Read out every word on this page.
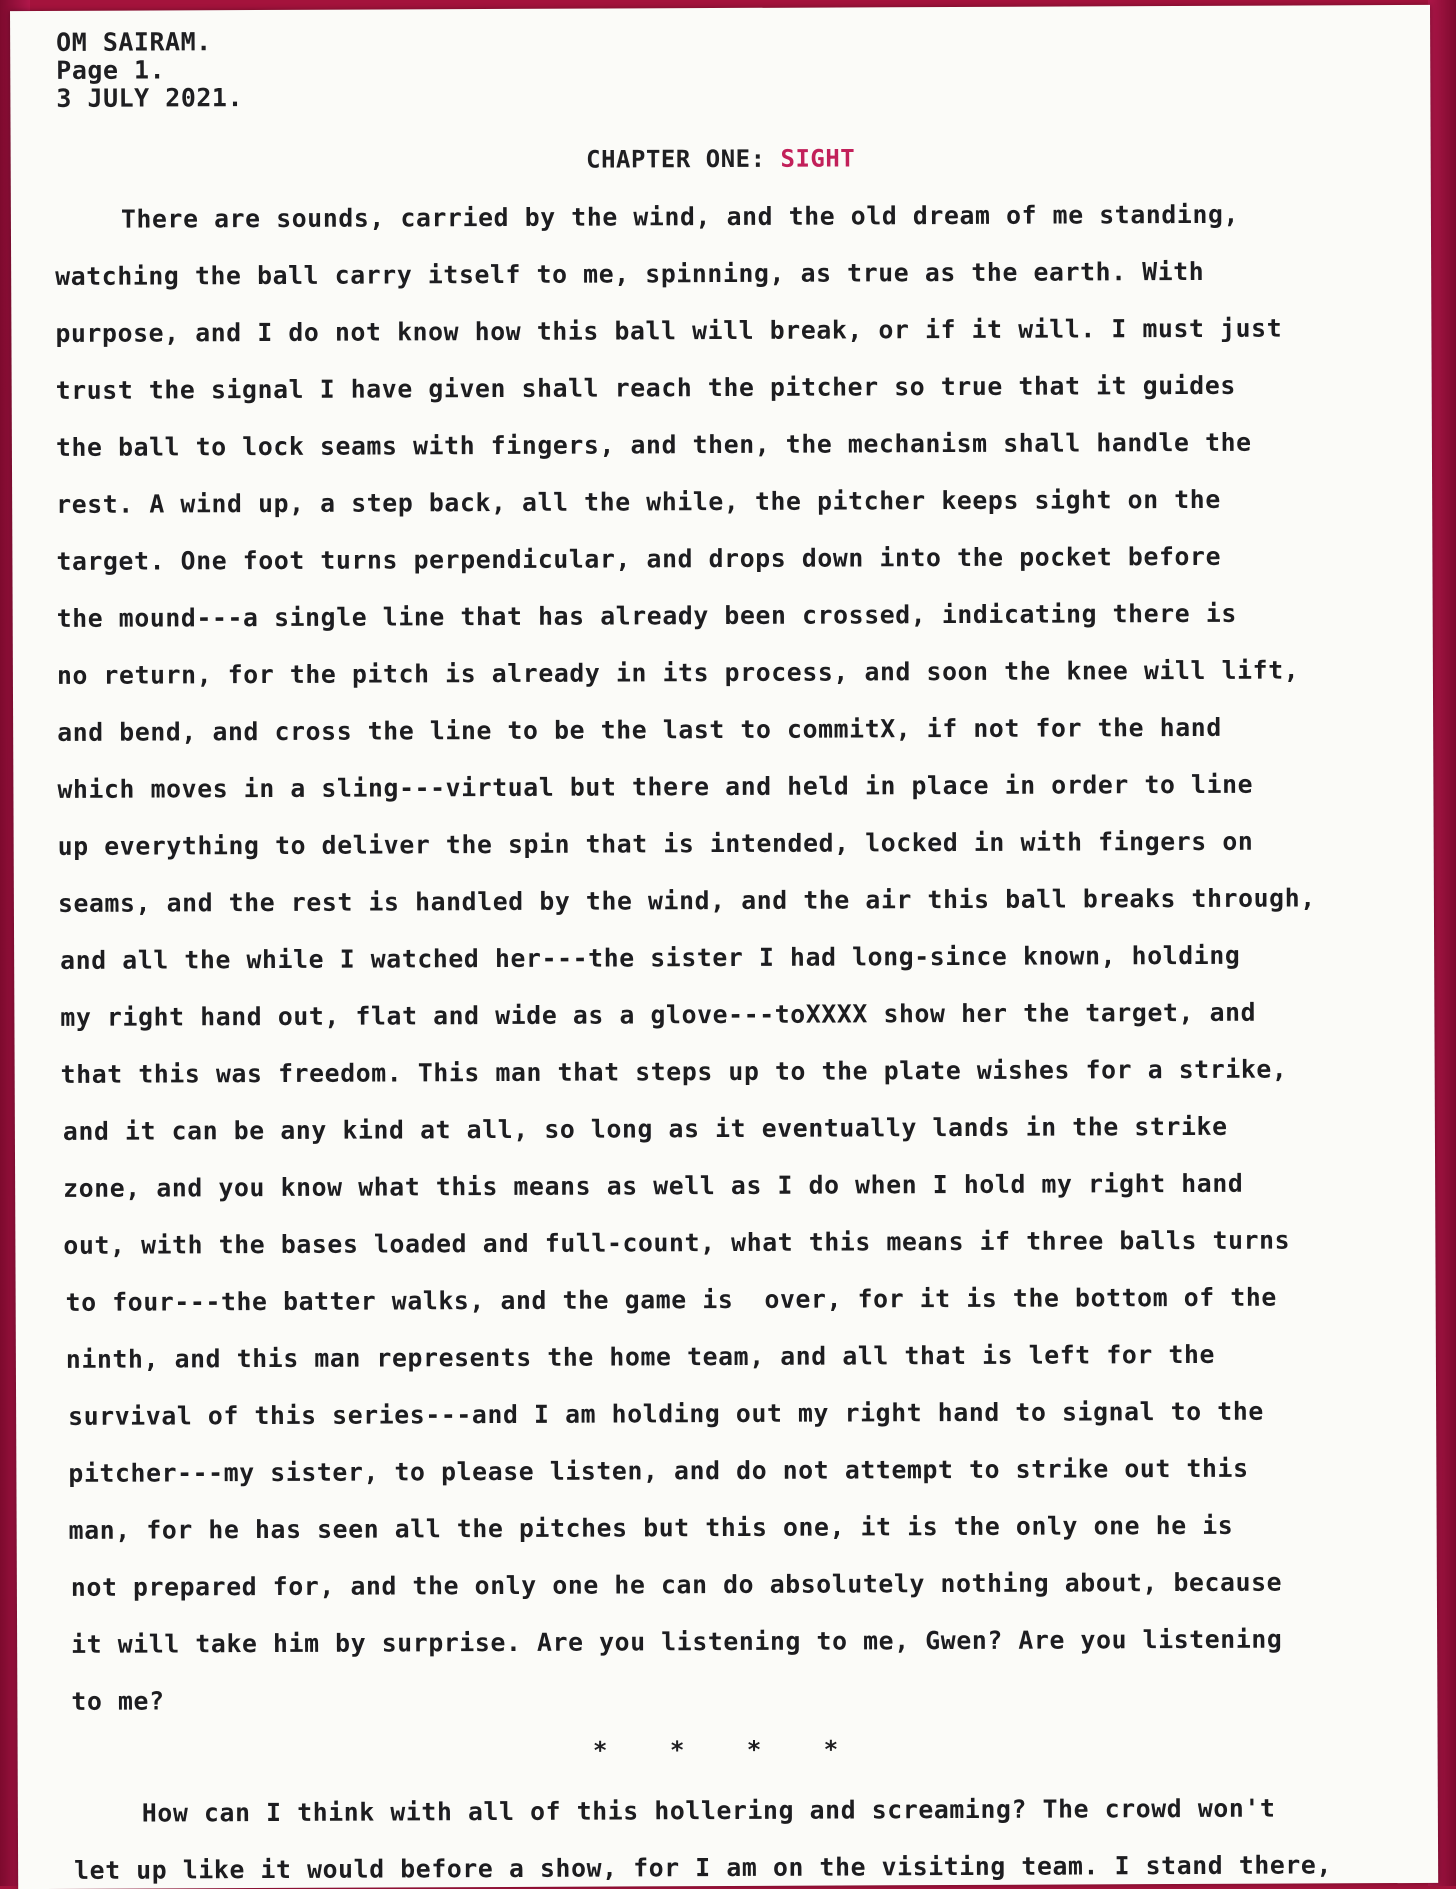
OM SAIRAM.
Page 1.
3 JULY 2021.
CHAPTER ONE: SIGHT
There are sounds, carried by the wind, and the old dream of me standing,
watching the ball carry itself to me, spinning, as true as the earth. With
purpose, and I do not know how this ball will break, or if it will. I must just
trust the signal I have given shall reach the pitcher so true that it guides
the ball to lock seams with fingers, and then, the mechanism shall handle the
rest. A wind up, a step back, all the while, the pitcher keeps sight on the
target. One foot turns perpendicular, and drops down into the pocket before
the mound---a single line that has already been crossed, indicating there is
no return, for the pitch is already in its process, and soon the knee will lift,
and bend, and cross the line to be the last to commitX, if not for the hand
which moves in a sling---virtual but there and held in place in order to line
up everything to deliver the spin that is intended, locked in with fingers on
seams, and the rest is handled by the wind, and the air this ball breaks through,
and all the while I watched her---the sister I had long-since known, holding
my right hand out, flat and wide as a glove---toXXXX show her the target, and
that this was freedom. This man that steps up to the plate wishes for a strike,
and it can be any kind at all, so long as it eventually lands in the strike
zone, and you know what this means as well as I do when I hold my right hand
out, with the bases loaded and full-count, what this means if three balls turns
to four---the batter walks, and the game is  over, for it is the bottom of the
ninth, and this man represents the home team, and all that is left for the
survival of this series---and I am holding out my right hand to signal to the
pitcher---my sister, to please listen, and do not attempt to strike out this
man, for he has seen all the pitches but this one, it is the only one he is
not prepared for, and the only one he can do absolutely nothing about, because
it will take him by surprise. Are you listening to me, Gwen? Are you listening
to me?
* * * *
How can I think with all of this hollering and screaming? The crowd won't
let up like it would before a show, for I am on the visiting team. I stand there,
